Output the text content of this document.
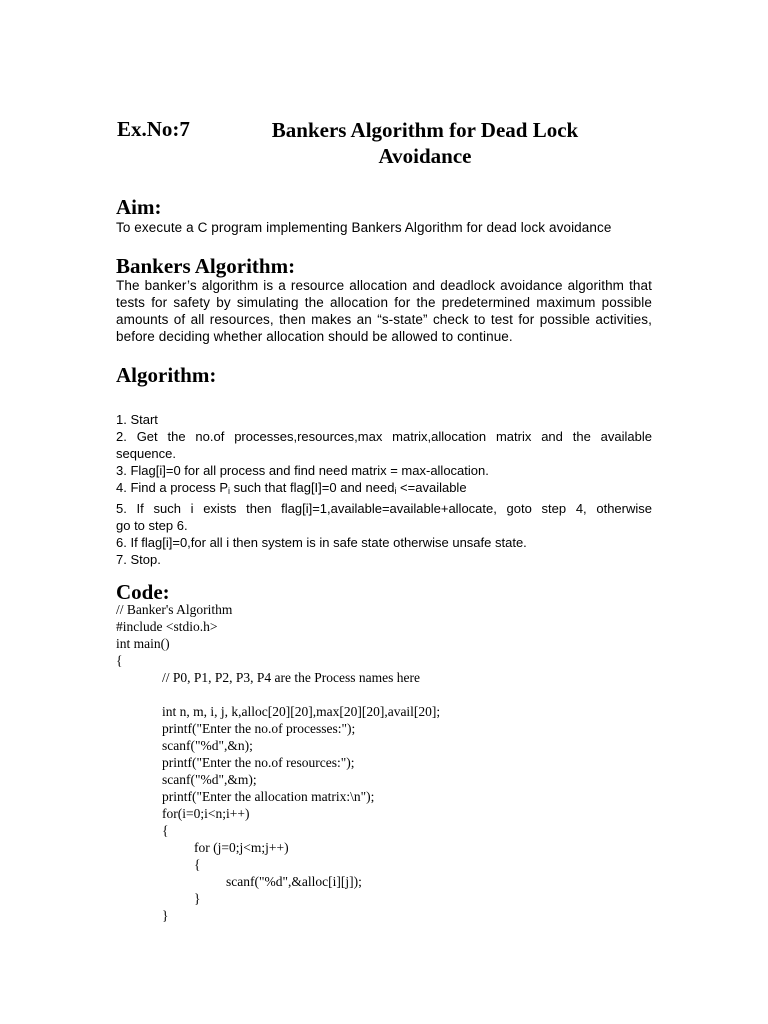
Ex.No:7	Bankers Algorithm for Dead Lock
Avoidance
Aim:
To execute a C program implementing Bankers Algorithm for dead lock avoidance
Bankers Algorithm:
The banker’s algorithm is a resource allocation and deadlock avoidance algorithm that
tests for safety by simulating the allocation for the predetermined maximum possible
amounts of all resources, then makes an “s-state” check to test for possible activities,
before deciding whether allocation should be allowed to continue.
Algorithm:
1. Start
2. Get the no.of processes,resources,max matrix,allocation matrix and the available
sequence.
3. Flag[i]=0 for all process and find need matrix = max-allocation.
4. Find a process $P_i$ such that flag[I]=0 and need$_i$ <=available
5. If such i exists then flag[i]=1,available=available+allocate, goto step 4, otherwise
go to step 6.
6. If flag[i]=0,for all i then system is in safe state otherwise unsafe state.
7. Stop.
Code:
// Banker's Algorithm
#include <stdio.h>
int main()
{
// P0, P1, P2, P3, P4 are the Process names here
int n, m, i, j, k,alloc[20][20],max[20][20],avail[20];
printf("Enter the no.of processes:");
scanf("%d",&n);
printf("Enter the no.of resources:");
scanf("%d",&m);
printf("Enter the allocation matrix:\n");
for(i=0;i<n;i++)
{
for (j=0;j<m;j++)
{
scanf("%d",&alloc[i][j]);
}
}
